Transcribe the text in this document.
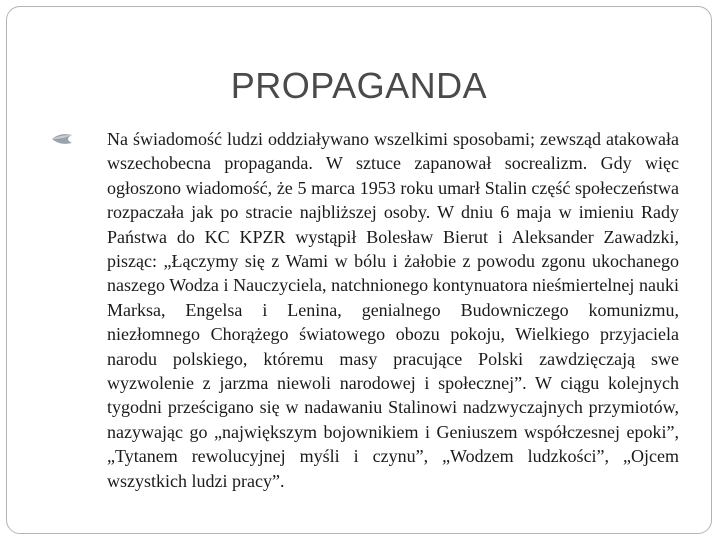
PROPAGANDA

Na świadomość ludzi oddziaływano wszelkimi sposobami; zewsząd atakowała wszechobecna propaganda. W sztuce zapanował socrealizm. Gdy więc ogłoszono wiadomość, że 5 marca 1953 roku umarł Stalin część społeczeństwa rozpaczała jak po stracie najbliższej osoby. W dniu 6 maja w imieniu Rady Państwa do KC KPZR wystąpił Bolesław Bierut i Aleksander Zawadzki, pisząc: „Łączymy się z Wami w bólu i żałobie z powodu zgonu ukochanego naszego Wodza i Nauczyciela, natchnionego kontynuatora nieśmiertelnej nauki Marksa, Engelsa i Lenina, genialnego Budowniczego komunizmu, niezłomnego Chorążego światowego obozu pokoju, Wielkiego przyjaciela narodu polskiego, któremu masy pracujące Polski zawdzięczają swe wyzwolenie z jarzma niewoli narodowej i społecznej”. W ciągu kolejnych tygodni prześcigano się w nadawaniu Stalinowi nadzwyczajnych przymiotów, nazywając go „największym bojownikiem i Geniuszem współczesnej epoki”, „Tytanem rewolucyjnej myśli i czynu”, „Wodzem ludzkości”, „Ojcem wszystkich ludzi pracy”.
